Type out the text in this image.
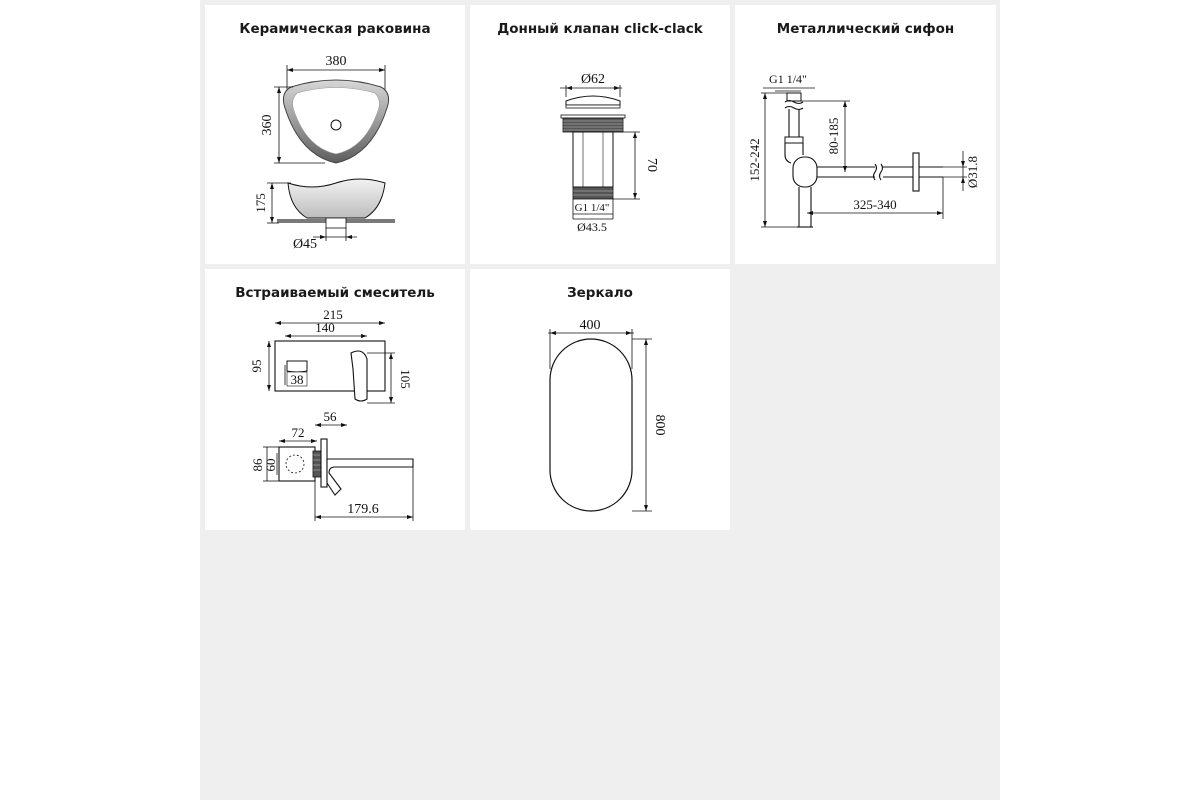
Керамическая раковина
380
360
175
Ø45
Донный клапан click-clack
Ø62
70
G1 1/4"
Ø43.5
Металлический сифон
G1 1/4"
152-242
80-185
325-340
Ø31.8
Встраиваемый смеситель
215
140
38
95
105
56
72
86
60
179.6
Зеркало
400
800
